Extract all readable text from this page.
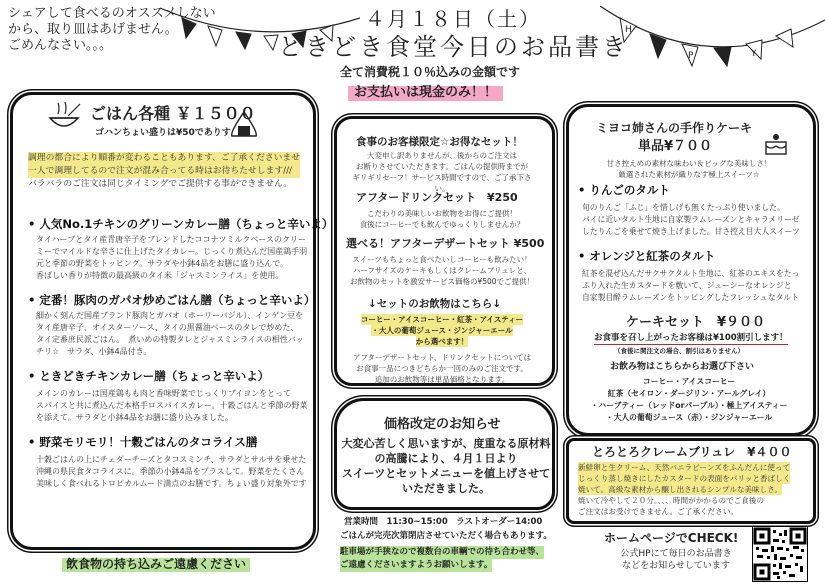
シェアして食べるのオススメしない
から、取り皿はあげません。
ごめんなさい。。。
H
P	Y
４月１８日（土）
ときどき食堂今日のお品書き
全て消費税１０％込みの金額です
お支払いは現金のみ！！
ごはん各種 ￥１５００
ゴハンちょい盛りは¥50でありす
調理の都合により順番が変わることもあります、ご了承くださいませ
一人で調理してるので注文が混み合ってる時はお待ちたせします///
バラバラのご注文は同じタイミングでご提供する事ができません。
• 人気No.1チキンのグリーンカレー膳（ちょっと辛いよ）
タイハーブとタイ産青唐辛子をブレンドしたココナツミルクベースのクリー
ミーでマイルドな辛さに仕上げたタイカレー。じっくり煮込んだ国産鶏手羽
元と季節の野菜をトッピング。サラダや小鉢4品をお膳に盛り込んで。
香ばしい香りが特徴の最高級のタイ米「ジャスミンライス」を使用。
• 定番！豚肉のガパオ炒めごはん膳（ちょっと辛いよ）
細かく刻んだ国産ブランド豚肉とガパオ（ホーリーバジル）、インゲン豆を
タイ産唐辛子、オイスターソース、タイの黒醤油ベースのタレで炒めた、
タイ定番庶民派ごはん。　煮いめの特製タレとジャスミンライスの相性バッ
チリ☆　サラダ、小鉢4品付き。
• ときどきチキンカレー膳（ちょっと辛いよ）
メインのカレーは国産鶏もも肉と香味野菜でじっくりブイヨンをとって
スパイスと共に煮込んだ本格手ロスパイスカレー。十穀ごはんと季節の野菜
を添えて。サラダと小鉢4品をお膳に盛り込みました。
• 野菜モリモリ！十穀ごはんのタコライス膳
十穀ごはんの上にチェダーチーズとタコスミンチ、サラダとサルサを乗せた
沖縄の県民食タコライスに。季節の小鉢4品をプラスして。野菜をたくさん
美味しく食べれるトロピカルムード満点のお膳です。ちょい盛り対象外です
飲食物の持ち込みご遠慮ください
食事のお客様限定☆お得なセット！
大変申し訳ありませんが、後からのご注文は
お断りさせていただきます。ごはんの提供時までが
ギリギリセーフ！サービス時間ですので、ご了承下さい。
アフタードリンクセット　¥250
こだわりの美味しいお飲物をお得にご提供！
食後にコーヒーでも飲んでゆっくりしませんか？
選べる！アフターデザートセット ¥500
スイーツもちょっと食べたいしコーヒーも飲みたい！
ハーフサイズのケーキもしくはクレームブリュレと、
お飲物のセットを激安サービス価格の¥500でご提供！
↓セットのお飲物はこちら↓
コーヒー・アイスコーヒー・紅茶・アイスティー
・大人の葡萄ジュース・ジンジャーエール
から選べます！
アフターデザートセット、ドリンクセットについては
お食事一品につきどちらか一回のみのご注文です。
追加のお飲物等は単品価格となります。
価格改定のお知らせ
大変心苦しく思いますが、度重なる原材料
の高騰により、４月１日より
スイーツとセットメニューを値上げさせて
いただきました。
営業時間　11:30~15:00　ラストオーダー14:00
ごはんが完売次第閉店させていただく場合もあります。
駐車場が手狭なので複数台の車輌での待ち合わせ等、
ご遠慮くださいますようお願いします。
ミヨコ姉さんの手作りケーキ
単品¥７００
甘さ控えめの素材な味わい＆ビッグな美味しさ！
厳選された素材が織りなす極上スイーツ☆
• りんごのタルト
旬のりんご「ふじ」を惜しげも無くたっぷり使いました。
パイに近いタルト生地に自家製ラムレーズンとキャラメリーゼ
したりんごを乗せて焼き上げました。甘さ控え目大人スイーツ
• オレンジと紅茶のタルト
紅茶を混ぜ込んだサクサクタルト生地に、紅茶のエキスをたっ
ぷり入れた生カスタードを敷いて、ジューシーなオレンジと
自家製目酔ラムレーズンをトッピングしたフレッシュなタルト
ケーキセット　¥９００
お食事を召し上がったお客様は¥100割引します！
（食後に関注文の場合、割引はありません）
お飲み物はこちらからお選び下さい
コーヒー・アイスコーヒー
紅茶（セイロン・ダージリン・アールグレイ）
・ハーブティー（レッドorパープル）・極上アイスティー
・大人の葡萄ジュース（赤）・ジンジャーエール
とろとろクレームブリュレ　¥４００
新鮮卵と生クリーム、天然バニラビーンズをふんだんに使って
じっくり蒸し焼きにしたカスタードの表面をパリッと香ばしく
焼いて。高級な素材から醸し出されるシンプルな美味しさ。
焼いて冷やして２０分。、、、時間がかかるのでご食後の
ご注文はお受けできません。ご了承ください。
ホームページでCHECK!
公式HPにて毎日のお品書き
などをお知らせしています
